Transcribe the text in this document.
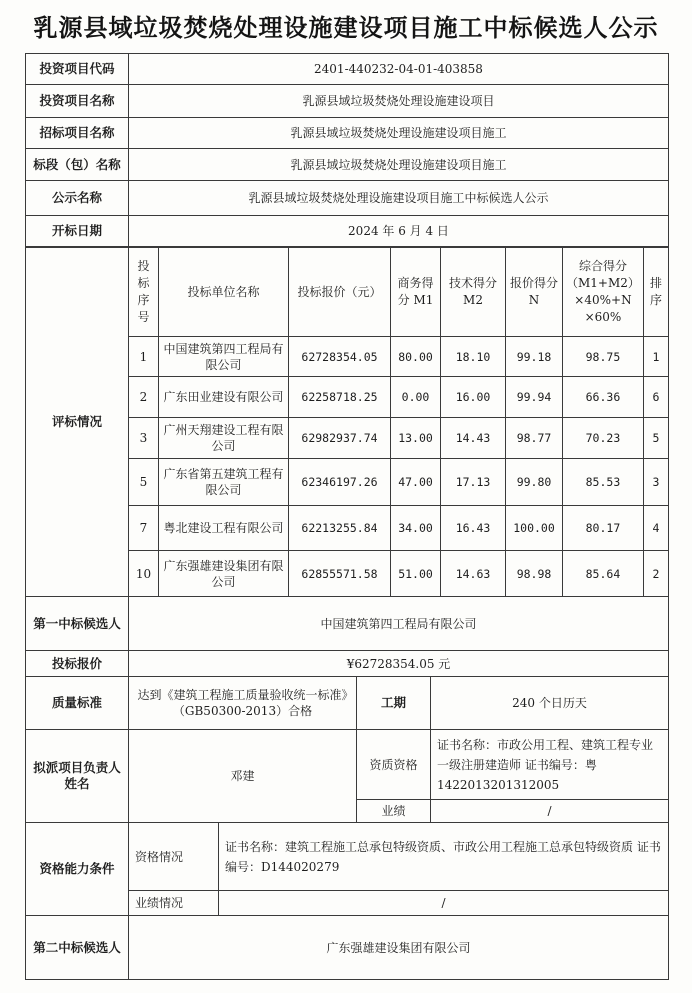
乳源县域垃圾焚烧处理设施建设项目施工中标候选人公示
投资项目代码	2401-440232-04-01-403858
投资项目名称	乳源县域垃圾焚烧处理设施建设项目
招标项目名称	乳源县域垃圾焚烧处理设施建设项目施工
标段（包）名称	乳源县域垃圾焚烧处理设施建设项目施工
公示名称	乳源县域垃圾焚烧处理设施建设项目施工中标候选人公示
开标日期	2024 年 6 月 4 日
评标情况	投标序号	投标单位名称	投标报价（元）	商务得分 M1	技术得分 M2	报价得分 N	综合得分（M1+M2）×40%+N ×60%	排序
	1	中国建筑第四工程局有限公司	62728354.05	80.00	18.10	99.18	98.75	1
	2	广东田业建设有限公司	62258718.25	0.00	16.00	99.94	66.36	6
	3	广州天翔建设工程有限公司	62982937.74	13.00	14.43	98.77	70.23	5
	5	广东省第五建筑工程有限公司	62346197.26	47.00	17.13	99.80	85.53	3
	7	粤北建设工程有限公司	62213255.84	34.00	16.43	100.00	80.17	4
	10	广东强雄建设集团有限公司	62855571.58	51.00	14.63	98.98	85.64	2
第一中标候选人	中国建筑第四工程局有限公司			
投标报价	¥62728354.05 元			
质量标准	达到《建筑工程施工质量验收统一标准》（GB50300-2013）合格		工期	240 个日历天
拟派项目负责人姓名	邓建		资质资格	证书名称：市政公用工程、建筑工程专业一级注册建造师 证书编号：粤 1422013201312005
			业绩	/
资格能力条件	资格情况	证书名称：建筑工程施工总承包特级资质、市政公用工程施工总承包特级资质 证书编号：D144020279		
	业绩情况	/		
第二中标候选人	广东强雄建设集团有限公司			
